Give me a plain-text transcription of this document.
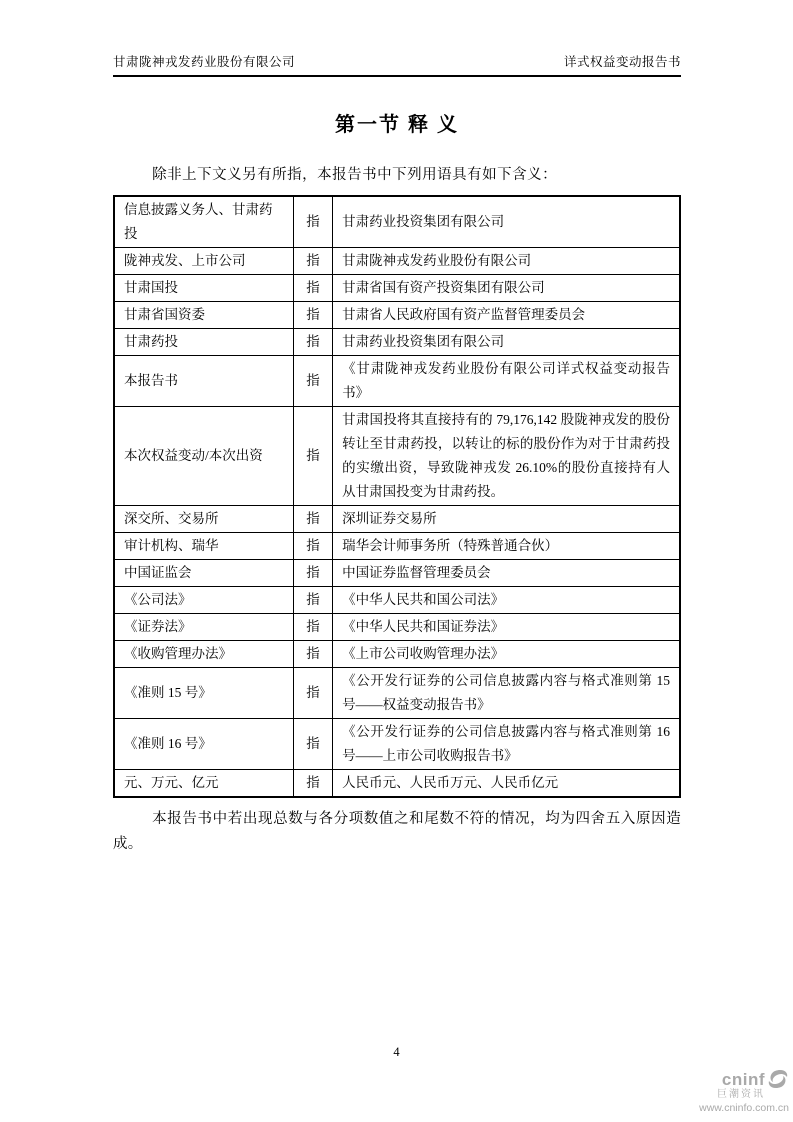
甘肃陇神戎发药业股份有限公司	详式权益变动报告书
第一节 释 义
除非上下文义另有所指，本报告书中下列用语具有如下含义：
信息披露义务人、甘肃药投	指	甘肃药业投资集团有限公司
陇神戎发、上市公司	指	甘肃陇神戎发药业股份有限公司
甘肃国投	指	甘肃省国有资产投资集团有限公司
甘肃省国资委	指	甘肃省人民政府国有资产监督管理委员会
甘肃药投	指	甘肃药业投资集团有限公司
本报告书	指	《甘肃陇神戎发药业股份有限公司详式权益变动报告书》
本次权益变动/本次出资	指	甘肃国投将其直接持有的 79,176,142 股陇神戎发的股份转让至甘肃药投，以转让的标的股份作为对于甘肃药投的实缴出资，导致陇神戎发 26.10%的股份直接持有人从甘肃国投变为甘肃药投。
深交所、交易所	指	深圳证券交易所
审计机构、瑞华	指	瑞华会计师事务所（特殊普通合伙）
中国证监会	指	中国证券监督管理委员会
《公司法》	指	《中华人民共和国公司法》
《证券法》	指	《中华人民共和国证券法》
《收购管理办法》	指	《上市公司收购管理办法》
《准则 15 号》	指	《公开发行证券的公司信息披露内容与格式准则第 15 号——权益变动报告书》
《准则 16 号》	指	《公开发行证券的公司信息披露内容与格式准则第 16 号——上市公司收购报告书》
元、万元、亿元	指	人民币元、人民币万元、人民币亿元
本报告书中若出现总数与各分项数值之和尾数不符的情况，均为四舍五入原因造成。
4
cninf
巨潮资讯
www.cninfo.com.cn
